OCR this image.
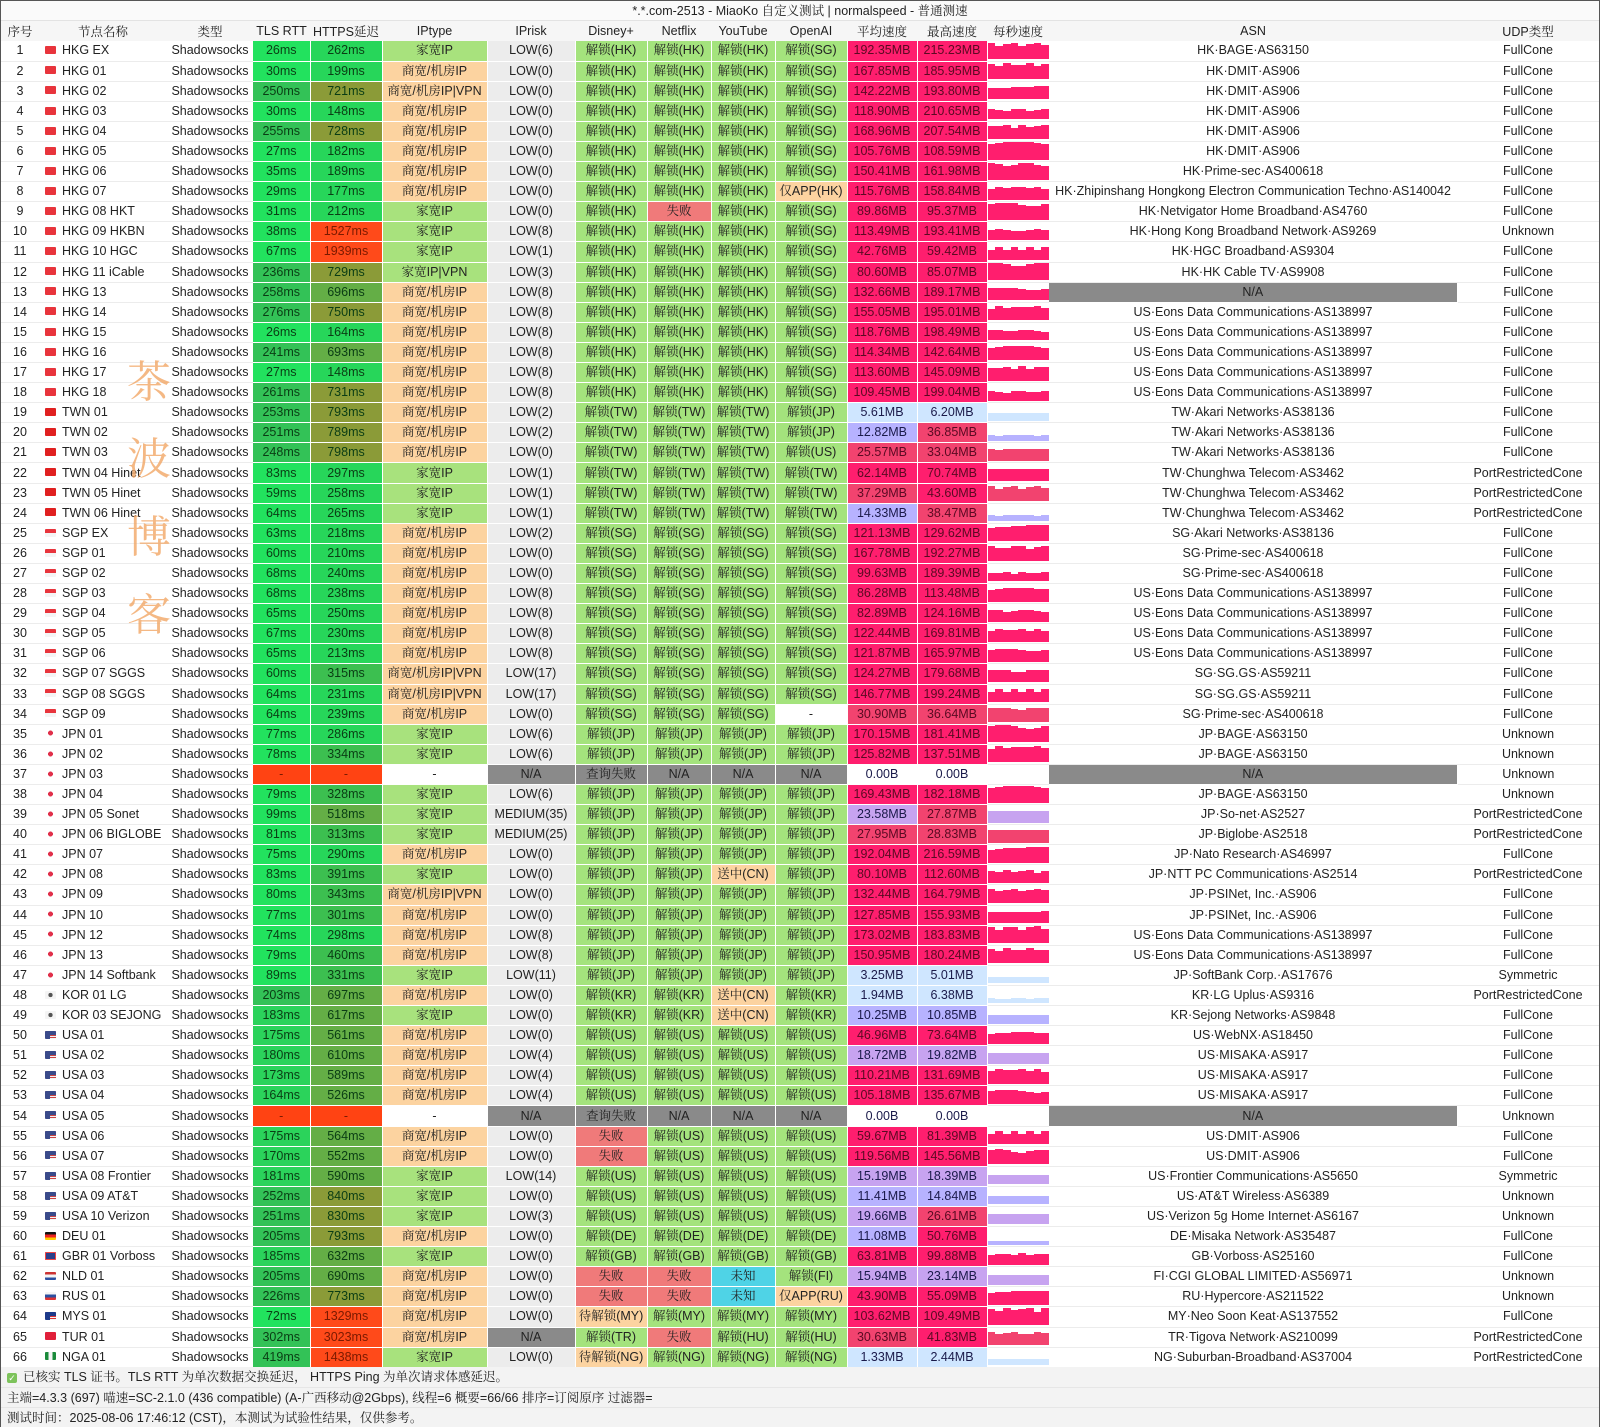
*.*.com-2513 - MiaoKo 自定义测试 | normalspeed - 普通测速
序号	节点名称	类型	TLS RTT	HTTPS延迟	IPtype	IPrisk	Disney+	Netflix	YouTube	OpenAI	平均速度	最高速度	每秒速度	ASN	UDP类型
1	HKG EX	Shadowsocks	26ms	262ms	家宽IP	LOW(6)	解锁(HK)	解锁(HK)	解锁(HK)	解锁(SG)	192.35MB	215.23MB		HK·BAGE·AS63150	FullCone
2	HKG 01	Shadowsocks	30ms	199ms	商宽/机房IP	LOW(0)	解锁(HK)	解锁(HK)	解锁(HK)	解锁(SG)	167.85MB	185.95MB		HK·DMIT·AS906	FullCone
3	HKG 02	Shadowsocks	250ms	721ms	商宽/机房IP|VPN	LOW(0)	解锁(HK)	解锁(HK)	解锁(HK)	解锁(SG)	142.22MB	193.80MB		HK·DMIT·AS906	FullCone
4	HKG 03	Shadowsocks	30ms	148ms	商宽/机房IP	LOW(0)	解锁(HK)	解锁(HK)	解锁(HK)	解锁(SG)	118.90MB	210.65MB		HK·DMIT·AS906	FullCone
5	HKG 04	Shadowsocks	255ms	728ms	商宽/机房IP	LOW(0)	解锁(HK)	解锁(HK)	解锁(HK)	解锁(SG)	168.96MB	207.54MB		HK·DMIT·AS906	FullCone
6	HKG 05	Shadowsocks	27ms	182ms	商宽/机房IP	LOW(0)	解锁(HK)	解锁(HK)	解锁(HK)	解锁(SG)	105.76MB	108.59MB		HK·DMIT·AS906	FullCone
7	HKG 06	Shadowsocks	35ms	189ms	商宽/机房IP	LOW(0)	解锁(HK)	解锁(HK)	解锁(HK)	解锁(SG)	150.41MB	161.98MB		HK·Prime-sec·AS400618	FullCone
8	HKG 07	Shadowsocks	29ms	177ms	商宽/机房IP	LOW(0)	解锁(HK)	解锁(HK)	解锁(HK)	仅APP(HK)	115.76MB	158.84MB		HK·Zhipinshang Hongkong Electron Communication Techno·AS140042	FullCone
9	HKG 08 HKT	Shadowsocks	31ms	212ms	家宽IP	LOW(0)	解锁(HK)	失败	解锁(HK)	解锁(SG)	89.86MB	95.37MB		HK·Netvigator Home Broadband·AS4760	FullCone
10	HKG 09 HKBN	Shadowsocks	38ms	1527ms	家宽IP	LOW(8)	解锁(HK)	解锁(HK)	解锁(HK)	解锁(SG)	113.49MB	193.41MB		HK·Hong Kong Broadband Network·AS9269	Unknown
11	HKG 10 HGC	Shadowsocks	67ms	1939ms	家宽IP	LOW(1)	解锁(HK)	解锁(HK)	解锁(HK)	解锁(SG)	42.76MB	59.42MB		HK·HGC Broadband·AS9304	FullCone
12	HKG 11 iCable	Shadowsocks	236ms	729ms	家宽IP|VPN	LOW(3)	解锁(HK)	解锁(HK)	解锁(HK)	解锁(SG)	80.60MB	85.07MB		HK·HK Cable TV·AS9908	FullCone
13	HKG 13	Shadowsocks	258ms	696ms	商宽/机房IP	LOW(8)	解锁(HK)	解锁(HK)	解锁(HK)	解锁(SG)	132.66MB	189.17MB		N/A	FullCone
14	HKG 14	Shadowsocks	276ms	750ms	商宽/机房IP	LOW(8)	解锁(HK)	解锁(HK)	解锁(HK)	解锁(SG)	155.05MB	195.01MB		US·Eons Data Communications·AS138997	FullCone
15	HKG 15	Shadowsocks	26ms	164ms	商宽/机房IP	LOW(8)	解锁(HK)	解锁(HK)	解锁(HK)	解锁(SG)	118.76MB	198.49MB		US·Eons Data Communications·AS138997	FullCone
16	HKG 16	Shadowsocks	241ms	693ms	商宽/机房IP	LOW(8)	解锁(HK)	解锁(HK)	解锁(HK)	解锁(SG)	114.34MB	142.64MB		US·Eons Data Communications·AS138997	FullCone
17	HKG 17	Shadowsocks	27ms	148ms	商宽/机房IP	LOW(8)	解锁(HK)	解锁(HK)	解锁(HK)	解锁(SG)	113.60MB	145.09MB		US·Eons Data Communications·AS138997	FullCone
18	HKG 18	Shadowsocks	261ms	731ms	商宽/机房IP	LOW(8)	解锁(HK)	解锁(HK)	解锁(HK)	解锁(SG)	109.45MB	199.04MB		US·Eons Data Communications·AS138997	FullCone
19	TWN 01	Shadowsocks	253ms	793ms	商宽/机房IP	LOW(2)	解锁(TW)	解锁(TW)	解锁(TW)	解锁(JP)	5.61MB	6.20MB		TW·Akari Networks·AS38136	FullCone
20	TWN 02	Shadowsocks	251ms	789ms	商宽/机房IP	LOW(2)	解锁(TW)	解锁(TW)	解锁(TW)	解锁(JP)	12.82MB	36.85MB		TW·Akari Networks·AS38136	FullCone
21	TWN 03	Shadowsocks	248ms	798ms	商宽/机房IP	LOW(0)	解锁(TW)	解锁(TW)	解锁(TW)	解锁(US)	25.57MB	33.04MB		TW·Akari Networks·AS38136	FullCone
22	TWN 04 Hinet	Shadowsocks	83ms	297ms	家宽IP	LOW(1)	解锁(TW)	解锁(TW)	解锁(TW)	解锁(TW)	62.14MB	70.74MB		TW·Chunghwa Telecom·AS3462	PortRestrictedCone
23	TWN 05 Hinet	Shadowsocks	59ms	258ms	家宽IP	LOW(1)	解锁(TW)	解锁(TW)	解锁(TW)	解锁(TW)	37.29MB	43.60MB		TW·Chunghwa Telecom·AS3462	PortRestrictedCone
24	TWN 06 Hinet	Shadowsocks	64ms	265ms	家宽IP	LOW(1)	解锁(TW)	解锁(TW)	解锁(TW)	解锁(TW)	14.33MB	38.47MB		TW·Chunghwa Telecom·AS3462	PortRestrictedCone
25	SGP EX	Shadowsocks	63ms	218ms	商宽/机房IP	LOW(2)	解锁(SG)	解锁(SG)	解锁(SG)	解锁(SG)	121.13MB	129.62MB		SG·Akari Networks·AS38136	FullCone
26	SGP 01	Shadowsocks	60ms	210ms	商宽/机房IP	LOW(0)	解锁(SG)	解锁(SG)	解锁(SG)	解锁(SG)	167.78MB	192.27MB		SG·Prime-sec·AS400618	FullCone
27	SGP 02	Shadowsocks	68ms	240ms	商宽/机房IP	LOW(0)	解锁(SG)	解锁(SG)	解锁(SG)	解锁(SG)	99.63MB	189.39MB		SG·Prime-sec·AS400618	FullCone
28	SGP 03	Shadowsocks	68ms	238ms	商宽/机房IP	LOW(8)	解锁(SG)	解锁(SG)	解锁(SG)	解锁(SG)	86.28MB	113.48MB		US·Eons Data Communications·AS138997	FullCone
29	SGP 04	Shadowsocks	65ms	250ms	商宽/机房IP	LOW(8)	解锁(SG)	解锁(SG)	解锁(SG)	解锁(SG)	82.89MB	124.16MB		US·Eons Data Communications·AS138997	FullCone
30	SGP 05	Shadowsocks	67ms	230ms	商宽/机房IP	LOW(8)	解锁(SG)	解锁(SG)	解锁(SG)	解锁(SG)	122.44MB	169.81MB		US·Eons Data Communications·AS138997	FullCone
31	SGP 06	Shadowsocks	65ms	213ms	商宽/机房IP	LOW(8)	解锁(SG)	解锁(SG)	解锁(SG)	解锁(SG)	121.87MB	165.97MB		US·Eons Data Communications·AS138997	FullCone
32	SGP 07 SGGS	Shadowsocks	60ms	315ms	商宽/机房IP|VPN	LOW(17)	解锁(SG)	解锁(SG)	解锁(SG)	解锁(SG)	124.27MB	179.68MB		SG·SG.GS·AS59211	FullCone
33	SGP 08 SGGS	Shadowsocks	64ms	231ms	商宽/机房IP|VPN	LOW(17)	解锁(SG)	解锁(SG)	解锁(SG)	解锁(SG)	146.77MB	199.24MB		SG·SG.GS·AS59211	FullCone
34	SGP 09	Shadowsocks	64ms	239ms	商宽/机房IP	LOW(0)	解锁(SG)	解锁(SG)	解锁(SG)	-	30.90MB	36.64MB		SG·Prime-sec·AS400618	FullCone
35	JPN 01	Shadowsocks	77ms	286ms	家宽IP	LOW(6)	解锁(JP)	解锁(JP)	解锁(JP)	解锁(JP)	170.15MB	181.41MB		JP·BAGE·AS63150	Unknown
36	JPN 02	Shadowsocks	78ms	334ms	家宽IP	LOW(6)	解锁(JP)	解锁(JP)	解锁(JP)	解锁(JP)	125.82MB	137.51MB		JP·BAGE·AS63150	Unknown
37	JPN 03	Shadowsocks	-	-	-	N/A	查询失败	N/A	N/A	N/A	0.00B	0.00B		N/A	Unknown
38	JPN 04	Shadowsocks	79ms	328ms	家宽IP	LOW(6)	解锁(JP)	解锁(JP)	解锁(JP)	解锁(JP)	169.43MB	182.18MB		JP·BAGE·AS63150	Unknown
39	JPN 05 Sonet	Shadowsocks	99ms	518ms	家宽IP	MEDIUM(35)	解锁(JP)	解锁(JP)	解锁(JP)	解锁(JP)	23.58MB	27.87MB		JP·So-net·AS2527	PortRestrictedCone
40	JPN 06 BIGLOBE	Shadowsocks	81ms	313ms	家宽IP	MEDIUM(25)	解锁(JP)	解锁(JP)	解锁(JP)	解锁(JP)	27.95MB	28.83MB		JP·Biglobe·AS2518	PortRestrictedCone
41	JPN 07	Shadowsocks	75ms	290ms	商宽/机房IP	LOW(0)	解锁(JP)	解锁(JP)	解锁(JP)	解锁(JP)	192.04MB	216.59MB		JP·Nato Research·AS46997	FullCone
42	JPN 08	Shadowsocks	83ms	391ms	家宽IP	LOW(0)	解锁(JP)	解锁(JP)	送中(CN)	解锁(JP)	80.10MB	112.60MB		JP·NTT PC Communications·AS2514	PortRestrictedCone
43	JPN 09	Shadowsocks	80ms	343ms	商宽/机房IP|VPN	LOW(0)	解锁(JP)	解锁(JP)	解锁(JP)	解锁(JP)	132.44MB	164.79MB		JP·PSINet, Inc.·AS906	FullCone
44	JPN 10	Shadowsocks	77ms	301ms	商宽/机房IP	LOW(0)	解锁(JP)	解锁(JP)	解锁(JP)	解锁(JP)	127.85MB	155.93MB		JP·PSINet, Inc.·AS906	FullCone
45	JPN 12	Shadowsocks	74ms	298ms	商宽/机房IP	LOW(8)	解锁(JP)	解锁(JP)	解锁(JP)	解锁(JP)	173.02MB	183.83MB		US·Eons Data Communications·AS138997	FullCone
46	JPN 13	Shadowsocks	79ms	460ms	商宽/机房IP	LOW(8)	解锁(JP)	解锁(JP)	解锁(JP)	解锁(JP)	150.95MB	180.24MB		US·Eons Data Communications·AS138997	FullCone
47	JPN 14 Softbank	Shadowsocks	89ms	331ms	家宽IP	LOW(11)	解锁(JP)	解锁(JP)	解锁(JP)	解锁(JP)	3.25MB	5.01MB		JP·SoftBank Corp.·AS17676	Symmetric
48	KOR 01 LG	Shadowsocks	203ms	697ms	商宽/机房IP	LOW(0)	解锁(KR)	解锁(KR)	送中(CN)	解锁(KR)	1.94MB	6.38MB		KR·LG Uplus·AS9316	PortRestrictedCone
49	KOR 03 SEJONG	Shadowsocks	183ms	617ms	家宽IP	LOW(0)	解锁(KR)	解锁(KR)	送中(CN)	解锁(KR)	10.25MB	10.85MB		KR·Sejong Networks·AS9848	FullCone
50	USA 01	Shadowsocks	175ms	561ms	商宽/机房IP	LOW(0)	解锁(US)	解锁(US)	解锁(US)	解锁(US)	46.96MB	73.64MB		US·WebNX·AS18450	FullCone
51	USA 02	Shadowsocks	180ms	610ms	商宽/机房IP	LOW(4)	解锁(US)	解锁(US)	解锁(US)	解锁(US)	18.72MB	19.82MB		US·MISAKA·AS917	FullCone
52	USA 03	Shadowsocks	173ms	589ms	商宽/机房IP	LOW(4)	解锁(US)	解锁(US)	解锁(US)	解锁(US)	110.21MB	131.69MB		US·MISAKA·AS917	FullCone
53	USA 04	Shadowsocks	164ms	526ms	商宽/机房IP	LOW(4)	解锁(US)	解锁(US)	解锁(US)	解锁(US)	105.18MB	135.67MB		US·MISAKA·AS917	FullCone
54	USA 05	Shadowsocks	-	-	-	N/A	查询失败	N/A	N/A	N/A	0.00B	0.00B		N/A	Unknown
55	USA 06	Shadowsocks	175ms	564ms	商宽/机房IP	LOW(0)	失败	解锁(US)	解锁(US)	解锁(US)	59.67MB	81.39MB		US·DMIT·AS906	FullCone
56	USA 07	Shadowsocks	170ms	552ms	商宽/机房IP	LOW(0)	失败	解锁(US)	解锁(US)	解锁(US)	119.56MB	145.56MB		US·DMIT·AS906	FullCone
57	USA 08 Frontier	Shadowsocks	181ms	590ms	家宽IP	LOW(14)	解锁(US)	解锁(US)	解锁(US)	解锁(US)	15.19MB	18.39MB		US·Frontier Communications·AS5650	Symmetric
58	USA 09 AT&T	Shadowsocks	252ms	840ms	家宽IP	LOW(0)	解锁(US)	解锁(US)	解锁(US)	解锁(US)	11.41MB	14.84MB		US·AT&T Wireless·AS6389	Unknown
59	USA 10 Verizon	Shadowsocks	251ms	830ms	家宽IP	LOW(3)	解锁(US)	解锁(US)	解锁(US)	解锁(US)	19.66MB	26.61MB		US·Verizon 5g Home Internet·AS6167	Unknown
60	DEU 01	Shadowsocks	205ms	793ms	商宽/机房IP	LOW(0)	解锁(DE)	解锁(DE)	解锁(DE)	解锁(DE)	11.08MB	50.76MB		DE·Misaka Network·AS35487	FullCone
61	GBR 01 Vorboss	Shadowsocks	185ms	632ms	家宽IP	LOW(0)	解锁(GB)	解锁(GB)	解锁(GB)	解锁(GB)	63.81MB	99.88MB		GB·Vorboss·AS25160	FullCone
62	NLD 01	Shadowsocks	205ms	690ms	商宽/机房IP	LOW(0)	失败	失败	未知	解锁(FI)	15.94MB	23.14MB		FI·CGI GLOBAL LIMITED·AS56971	Unknown
63	RUS 01	Shadowsocks	226ms	773ms	商宽/机房IP	LOW(0)	失败	失败	未知	仅APP(RU)	43.90MB	55.09MB		RU·Hypercore·AS211522	Unknown
64	MYS 01	Shadowsocks	72ms	1329ms	商宽/机房IP	LOW(0)	待解锁(MY)	解锁(MY)	解锁(MY)	解锁(MY)	103.62MB	109.49MB		MY·Neo Soon Keat·AS137552	FullCone
65	TUR 01	Shadowsocks	302ms	3023ms	商宽/机房IP	N/A	解锁(TR)	失败	解锁(HU)	解锁(HU)	30.63MB	41.83MB		TR·Tigova Network·AS210099	PortRestrictedCone
66	NGA 01	Shadowsocks	419ms	1438ms	家宽IP	LOW(0)	待解锁(NG)	解锁(NG)	解锁(NG)	解锁(NG)	1.33MB	2.44MB		NG·Suburban-Broadband·AS37004	PortRestrictedCone
茶
波
博
客
✓ 已核实 TLS 证书。TLS RTT 为单次数据交换延迟， HTTPS Ping 为单次请求体感延迟。
主端=4.3.3 (697) 喵速=SC-2.1.0 (436 compatible) (A-广西移动@2Gbps), 线程=6 概要=66/66 排序=订阅原序 过滤器=
测试时间：2025-08-06 17:46:12 (CST)，本测试为试验性结果，仅供参考。
